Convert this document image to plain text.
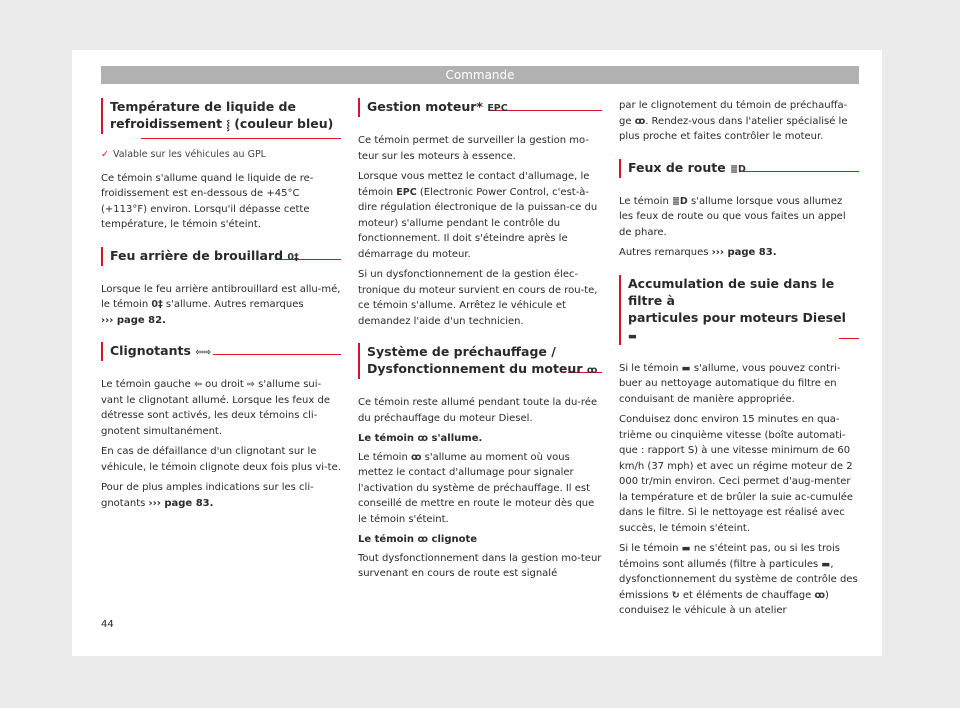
Commande
Température de liquide de
refroidissement ⸾ (couleur bleu)

✓ Valable sur les véhicules au GPL

Ce témoin s'allume quand le liquide de re-froidissement est en-dessous de +45°C (+113°F) environ. Lorsqu'il dépasse cette température, le témoin s'éteint.

Feu arrière de brouillard 0‡

Lorsque le feu arrière antibrouillard est allu-mé, le témoin 0‡ s'allume. Autres remarques
››› page 82.

Clignotants ⇦⇨

Le témoin gauche ⇦ ou droit ⇨ s'allume sui-vant le clignotant allumé. Lorsque les feux de détresse sont activés, les deux témoins cli-gnotent simultanément.

En cas de défaillance d'un clignotant sur le véhicule, le témoin clignote deux fois plus vi-te.

Pour de plus amples indications sur les cli-gnotants ››› page 83.

Gestion moteur* EPC

Ce témoin permet de surveiller la gestion mo-teur sur les moteurs à essence.

Lorsque vous mettez le contact d'allumage, le témoin EPC (Electronic Power Control, c'est-à-dire régulation électronique de la puissan-ce du moteur) s'allume pendant le contrôle du fonctionnement. Il doit s'éteindre après le démarrage du moteur.

Si un dysfonctionnement de la gestion élec-tronique du moteur survient en cours de rou-te, ce témoin s'allume. Arrêtez le véhicule et demandez l'aide d'un technicien.

Système de préchauffage /
Dysfonctionnement du moteur ꝏ

Ce témoin reste allumé pendant toute la du-rée du préchauffage du moteur Diesel.

Le témoin ꝏ s'allume.

Le témoin ꝏ s'allume au moment où vous mettez le contact d'allumage pour signaler l'activation du système de préchauffage. Il est conseillé de mettre en route le moteur dès que le témoin s'éteint.

Le témoin ꝏ clignote

Tout dysfonctionnement dans la gestion mo-teur survenant en cours de route est signalé

par le clignotement du témoin de préchauffa-ge ꝏ. Rendez-vous dans l'atelier spécialisé le plus proche et faites contrôler le moteur.

Feux de route ≣D

Le témoin ≣D s'allume lorsque vous allumez les feux de route ou que vous faites un appel de phare.

Autres remarques ››› page 83.

Accumulation de suie dans le filtre à
particules pour moteurs Diesel ▬

Si le témoin ▬ s'allume, vous pouvez contri-buer au nettoyage automatique du filtre en conduisant de manière appropriée.

Conduisez donc environ 15 minutes en qua-trième ou cinquième vitesse (boîte automati-que : rapport S) à une vitesse minimum de 60 km/h (37 mph) et avec un régime moteur de 2 000 tr/min environ. Ceci permet d'aug-menter la température et de brûler la suie ac-cumulée dans le filtre. Si le nettoyage est réalisé avec succès, le témoin s'éteint.

Si le témoin ▬ ne s'éteint pas, ou si les trois témoins sont allumés (filtre à particules ▬, dysfonctionnement du système de contrôle des émissions ↻ et éléments de chauffage ꝏ) conduisez le véhicule à un atelier

44
